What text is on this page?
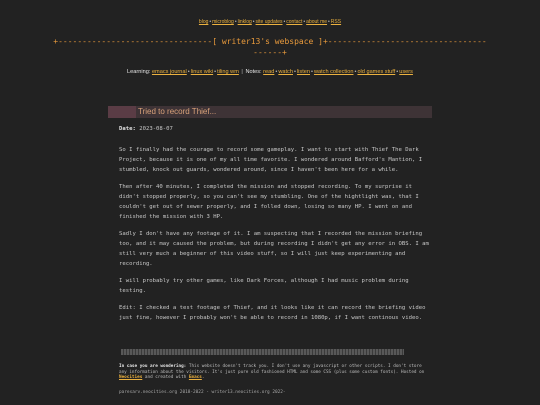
blog•microblog•linklog•site updates•contact•about me•RSS
+--------------------------------[ writer13's webspace ]+---------------------------------
------+
Learning: emacs journal•linux wiki•tiling wm | Notes: read•watch•listen•watch collection•old games stuff•users
Tried to record Thief...

Date: 2023-08-07

So I finally had the courage to record some gameplay. I want to start with Thief The Dark Project, because it is one of my all time favorite. I wondered around Bafford's Mantion, I stumbled, knock out guards, wondered around, since I haven't been here for a while.

Then after 40 minutes, I completed the mission and stopped recording. To my surprise it didn't stopped properly, so you can't see my stumbling. One of the hightlight was, that I couldn't get out of sewer properly, and I folled down, losing so many HP. I went on and finished the mission with 3 HP.

Sadly I don't have any footage of it. I am suspecting that I recorded the mission briefing too, and it may caused the problem, but during recording I didn't get any error in OBS. I am still very much a beginner of this video stuff, so I will just keep experimenting and recording.

I will probably try other games, like Dark Forces, although I had music problem during testing.

Edit: I checked a test footage of Thief, and it looks like it can record the briefing video just fine, however I probably won't be able to record in 1080p, if I want continous video.

In case you are wondering: This website doesn't track you. I don't use any javascript or other scripts. I don't store any information about the visitors. It's just pure old fashioned HTML and some CSS (plus some custom fonts). Hosted on Neocities and created with Emacs.
paresarv.neocities.org 2018-2022 - writer13.neocities.org 2022-
